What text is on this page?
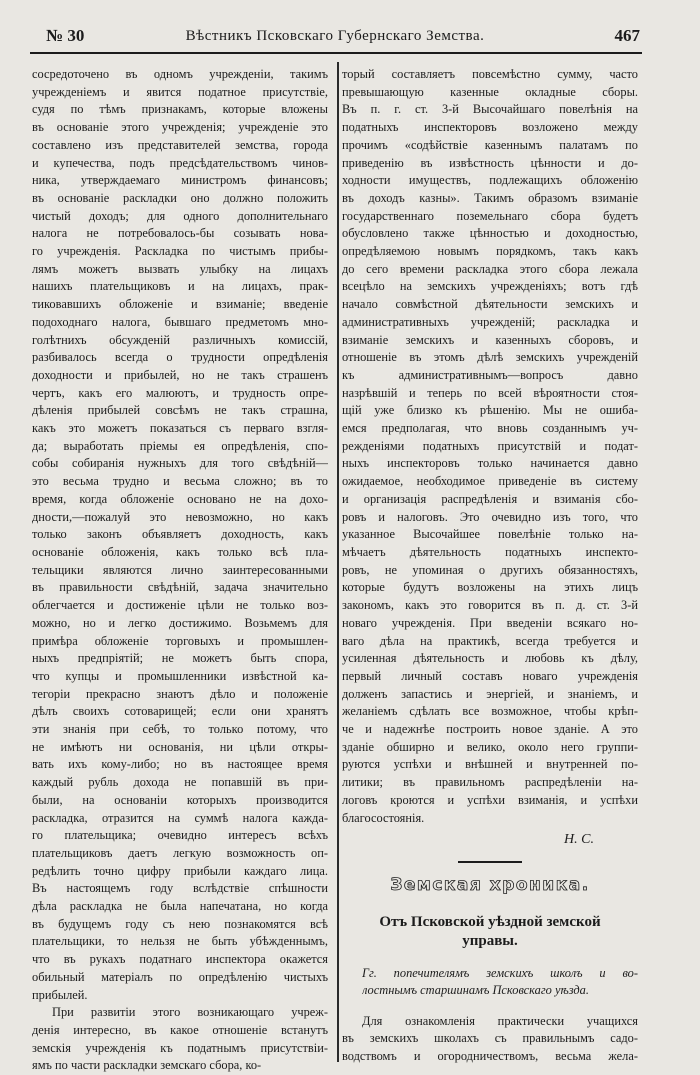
№ 30	Вѣстникъ Псковскаго Губернскаго Земства.	467
сосредоточено въ одномъ учрежденіи, такимъ
учрежденіемъ и явится податное присутствіе,
судя по тѣмъ признакамъ, которые вложены
въ основаніе этого учрежденія; учрежденіе это
составлено изъ представителей земства, города
и купечества, подъ предсѣдательствомъ чинов-
ника, утверждаемаго министромъ финансовъ;
въ основаніе раскладки оно должно положить
чистый доходъ; для одного дополнительнаго
налога не потребовалось-бы созывать нова-
го учрежденія. Раскладка по чистымъ прибы-
лямъ можетъ вызвать улыбку на лицахъ
нашихъ плательщиковъ и на лицахъ, прак-
тиковавшихъ обложеніе и взиманіе; введеніе
подоходнаго налога, бывшаго предметомъ мно-
голѣтнихъ обсужденій различныхъ комиссій,
разбивалось всегда о трудности опредѣленія
доходности и прибылей, но не такъ страшенъ
чертъ, какъ его малюютъ, и трудность опре-
дѣленія прибылей совсѣмъ не такъ страшна,
какъ это можетъ показаться съ перваго взгля-
да; выработать пріемы ея опредѣленія, спо-
собы собиранія нужныхъ для того свѣдѣній—
это весьма трудно и весьма сложно; въ то
время, когда обложеніе основано не на дохо-
дности,—пожалуй это невозможно, но какъ
только законъ объявляетъ доходность, какъ
основаніе обложенія, какъ только всѣ пла-
тельщики являются лично заинтересованными
въ правильности свѣдѣній, задача значительно
облегчается и достиженіе цѣли не только воз-
можно, но и легко достижимо. Возьмемъ для
примѣра обложеніе торговыхъ и промышлен-
ныхъ предпріятій; не можетъ быть спора,
что купцы и промышленники извѣстной ка-
тегоріи прекрасно знаютъ дѣло и положеніе
дѣлъ своихъ сотоварищей; если они хранятъ
эти знанія при себѣ, то только потому, что
не имѣютъ ни основанія, ни цѣли откры-
вать ихъ кому-либо; но въ настоящее время
каждый рубль дохода не попавшій въ при-
были, на основаніи которыхъ производится
раскладка, отразится на суммѣ налога кажда-
го плательщика; очевидно интересъ всѣхъ
плательщиковъ даетъ легкую возможность оп-
редѣлить точно цифру прибыли каждаго лица.
Въ настоящемъ году вслѣдствіе спѣшности
дѣла раскладка не была напечатана, но когда
въ будущемъ году съ нею познакомятся всѣ
плательщики, то нельзя не быть убѣжденнымъ,
что въ рукахъ податнаго инспектора окажется
обильный матеріалъ по опредѣленію чистыхъ
прибылей.
При развитіи этого возникающаго учреж-
денія интересно, въ какое отношеніе встанутъ
земскія учрежденія къ податнымъ присутствіи-
ямъ по части раскладки земскаго сбора, ко-
торый составляетъ повсемѣстно сумму, часто
превышающую казенные окладные сборы.
Въ п. г. ст. 3-й Высочайшаго повелѣнія на
податныхъ инспекторовъ возложено между
прочимъ «содѣйствіе казеннымъ палатамъ по
приведенію въ извѣстность цѣнности и до-
ходности имуществъ, подлежащихъ обложенію
въ доходъ казны». Такимъ образомъ взиманіе
государственнаго поземельнаго сбора будетъ
обусловлено также цѣнностью и доходностью,
опредѣляемою новымъ порядкомъ, такъ какъ
до сего времени раскладка этого сбора лежала
всецѣло на земскихъ учрежденіяхъ; вотъ гдѣ
начало совмѣстной дѣятельности земскихъ и
административныхъ учрежденій; раскладка и
взиманіе земскихъ и казенныхъ сборовъ, и
отношеніе въ этомъ дѣлѣ земскихъ учрежденій
къ административнымъ—вопросъ давно
назрѣвшій и теперь по всей вѣроятности стоя-
щій уже близко къ рѣшенію. Мы не ошиба-
емся предполагая, что вновь созданнымъ уч-
режденіями податныхъ присутствій и подат-
ныхъ инспекторовъ только начинается давно
ожидаемое, необходимое приведеніе въ систему
и организація распредѣленія и взиманія сбо-
ровъ и налоговъ. Это очевидно изъ того, что
указанное Высочайшее повелѣніе только на-
мѣчаетъ дѣятельность податныхъ инспекто-
ровъ, не упоминая о другихъ обязанностяхъ,
которые будутъ возложены на этихъ лицъ
закономъ, какъ это говорится въ п. д. ст. 3-й
новаго учрежденія. При введеніи всякаго но-
ваго дѣла на практикѣ, всегда требуется и
усиленная дѣятельность и любовь къ дѣлу,
первый личный составъ новаго учрежденія
долженъ запастись и энергіей, и знаніемъ, и
желаніемъ сдѣлать все возможное, чтобы крѣп-
че и надежнѣе построить новое зданіе. А это
зданіе обширно и велико, около него группи-
руются успѣхи и внѣшней и внутренней по-
литики; въ правильномъ распредѣленіи на-
логовъ кроются и успѣхи взиманія, и успѣхи
благосостоянія.
Н. С.
Земская хроника.
Отъ Псковской уѣздной земской управы.
Гг. попечителямъ земскихъ школъ и во-
лостнымъ старшинамъ Псковскаго уѣзда.
Для ознакомленія практически учащихся
въ земскихъ школахъ съ правильнымъ садо-
водствомъ и огородничествомъ, весьма жела-
